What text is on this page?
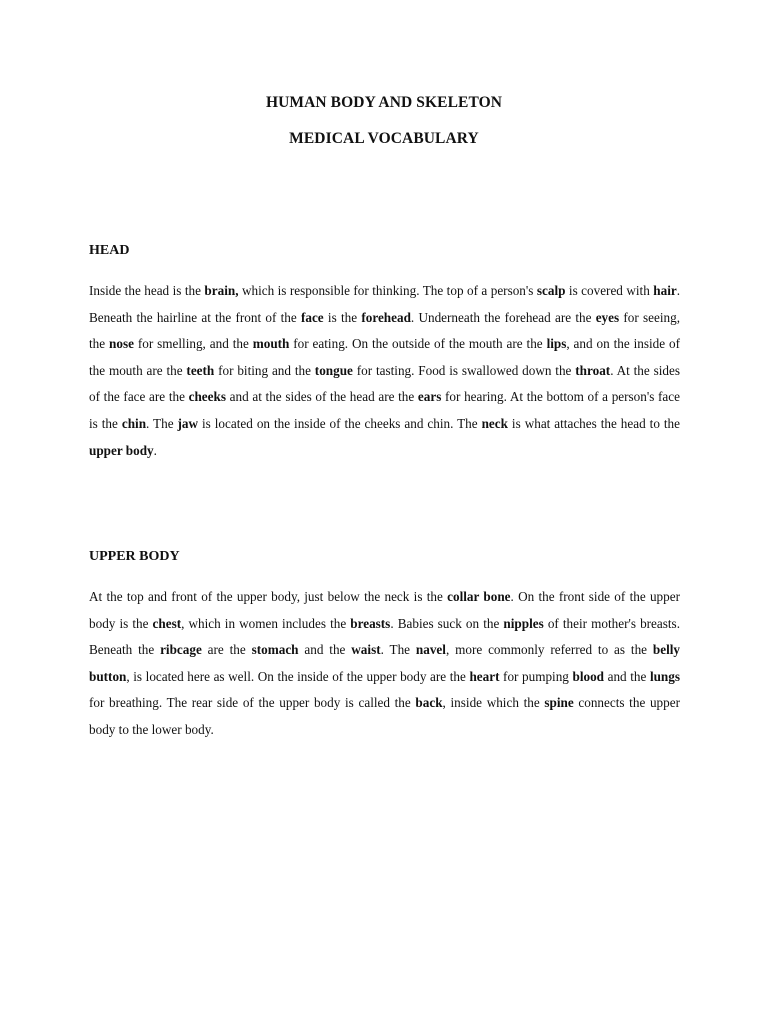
HUMAN BODY AND SKELETON
MEDICAL VOCABULARY
HEAD

Inside the head is the brain, which is responsible for thinking. The top of a person's scalp is covered with hair. Beneath the hairline at the front of the face is the forehead. Underneath the forehead are the eyes for seeing, the nose for smelling, and the mouth for eating. On the outside of the mouth are the lips, and on the inside of the mouth are the teeth for biting and the tongue for tasting. Food is swallowed down the throat. At the sides of the face are the cheeks and at the sides of the head are the ears for hearing. At the bottom of a person's face is the chin. The jaw is located on the inside of the cheeks and chin. The neck is what attaches the head to the upper body.

UPPER BODY

At the top and front of the upper body, just below the neck is the collar bone. On the front side of the upper body is the chest, which in women includes the breasts. Babies suck on the nipples of their mother's breasts. Beneath the ribcage are the stomach and the waist. The navel, more commonly referred to as the belly button, is located here as well. On the inside of the upper body are the heart for pumping blood and the lungs for breathing. The rear side of the upper body is called the back, inside which the spine connects the upper body to the lower body.
